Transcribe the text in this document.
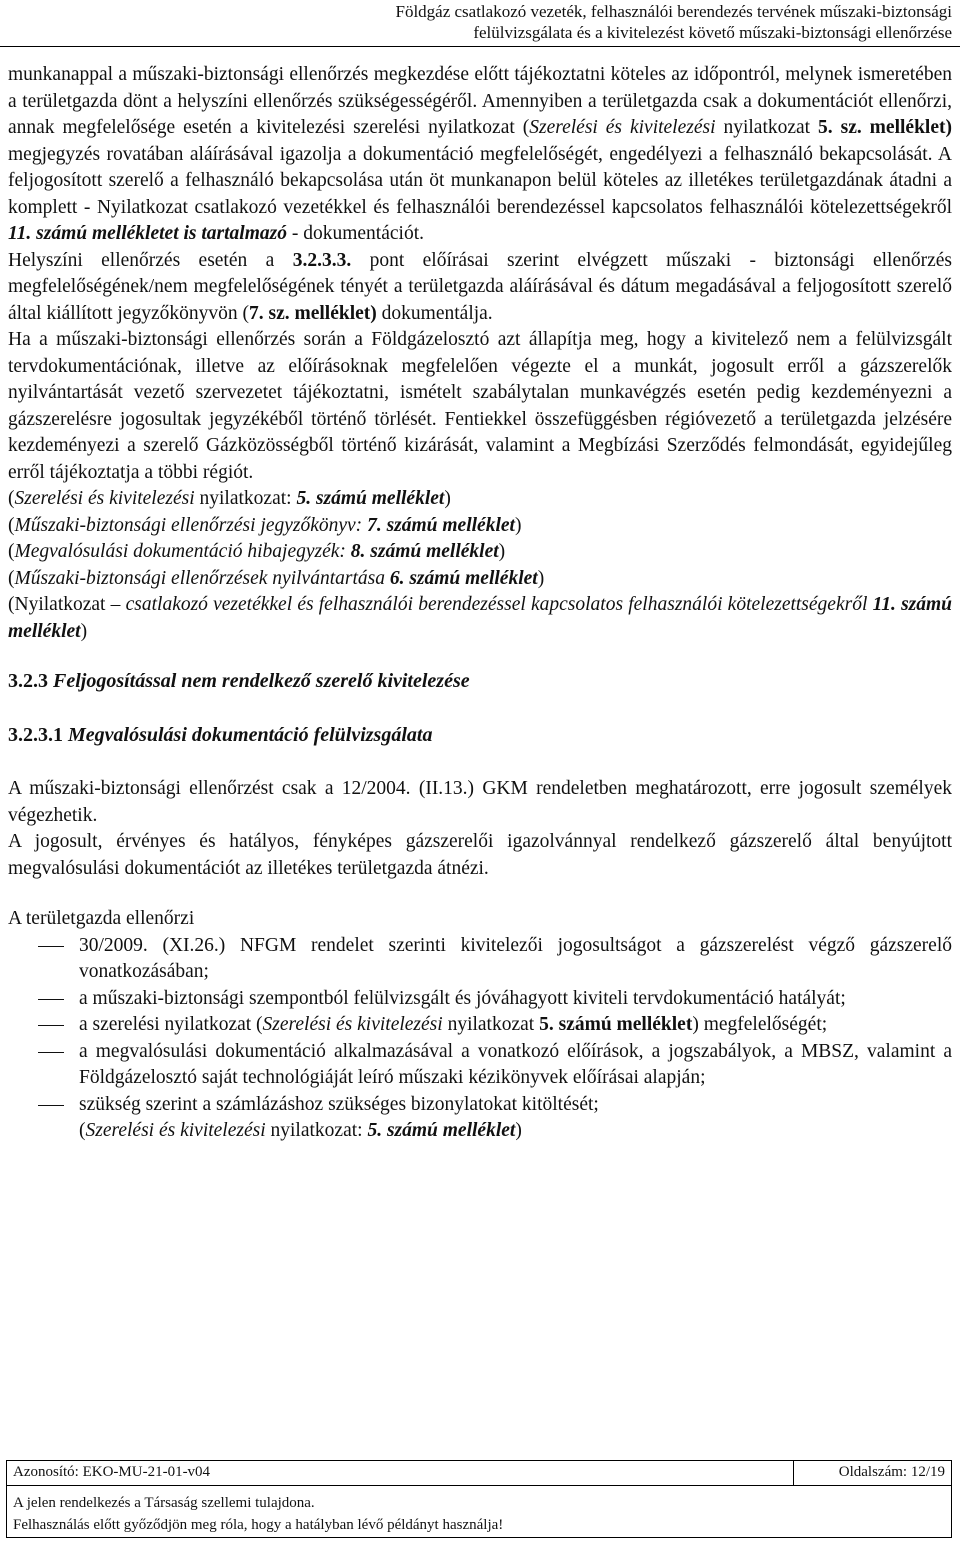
Földgáz csatlakozó vezeték, felhasználói berendezés tervének műszaki-biztonsági
felülvizsgálata és a kivitelezést követő műszaki-biztonsági ellenőrzése

munkanappal a műszaki-biztonsági ellenőrzés megkezdése előtt tájékoztatni köteles az időpontról, melynek ismeretében a területgazda dönt a helyszíni ellenőrzés szükségességéről. Amennyiben a területgazda csak a dokumentációt ellenőrzi, annak megfelelősége esetén a kivitelezési szerelési nyilatkozat (Szerelési és kivitelezési nyilatkozat 5. sz. melléklet) megjegyzés rovatában aláírásával igazolja a dokumentáció megfelelőségét, engedélyezi a felhasználó bekapcsolását. A feljogosított szerelő a felhasználó bekapcsolása után öt munkanapon belül köteles az illetékes területgazdának átadni a komplett - Nyilatkozat csatlakozó vezetékkel és felhasználói berendezéssel kapcsolatos felhasználói kötelezettségekről 11. számú mellékletet is tartalmazó - dokumentációt.

Helyszíni ellenőrzés esetén a 3.2.3.3. pont előírásai szerint elvégzett műszaki - biztonsági ellenőrzés megfelelőségének/nem megfelelőségének tényét a területgazda aláírásával és dátum megadásával a feljogosított szerelő által kiállított jegyzőkönyvön (7. sz. melléklet) dokumentálja.

Ha a műszaki-biztonsági ellenőrzés során a Földgázelosztó azt állapítja meg, hogy a kivitelező nem a felülvizsgált tervdokumentációnak, illetve az előírásoknak megfelelően végezte el a munkát, jogosult erről a gázszerelők nyilvántartását vezető szervezetet tájékoztatni, ismételt szabálytalan munkavégzés esetén pedig kezdeményezni a gázszerelésre jogosultak jegyzékéből történő törlését. Fentiekkel összefüggésben régióvezető a területgazda jelzésére kezdeményezi a szerelő Gázközösségből történő kizárását, valamint a Megbízási Szerződés felmondását, egyidejűleg erről tájékoztatja a többi régiót.

(Szerelési és kivitelezési nyilatkozat: 5. számú melléklet)

(Műszaki-biztonsági ellenőrzési jegyzőkönyv: 7. számú melléklet)

(Megvalósulási dokumentáció hibajegyzék: 8. számú melléklet)

(Műszaki-biztonsági ellenőrzések nyilvántartása 6. számú melléklet)

(Nyilatkozat – csatlakozó vezetékkel és felhasználói berendezéssel kapcsolatos felhasználói kötelezettségekről 11. számú melléklet)

3.2.3 Feljogosítással nem rendelkező szerelő kivitelezése

3.2.3.1 Megvalósulási dokumentáció felülvizsgálata

A műszaki-biztonsági ellenőrzést csak a 12/2004. (II.13.) GKM rendeletben meghatározott, erre jogosult személyek végezhetik.

A jogosult, érvényes és hatályos, fényképes gázszerelői igazolvánnyal rendelkező gázszerelő által benyújtott megvalósulási dokumentációt az illetékes területgazda átnézi.

A területgazda ellenőrzi

30/2009. (XI.26.) NFGM rendelet szerinti kivitelezői jogosultságot a gázszerelést végző gázszerelő vonatkozásában;
a műszaki-biztonsági szempontból felülvizsgált és jóváhagyott kiviteli tervdokumentáció hatályát;
a szerelési nyilatkozat (Szerelési és kivitelezési nyilatkozat 5. számú melléklet) megfelelőségét;
a megvalósulási dokumentáció alkalmazásával a vonatkozó előírások, a jogszabályok, a MBSZ, valamint a Földgázelosztó saját technológiáját leíró műszaki kézikönyvek előírásai alapján;
szükség szerint a számlázáshoz szükséges bizonylatokat kitöltését;
(Szerelési és kivitelezési nyilatkozat: 5. számú melléklet)
Azonosító: EKO-MU-21-01-v04	Oldalszám: 12/19
A jelen rendelkezés a Társaság szellemi tulajdona.
Felhasználás előtt győződjön meg róla, hogy a hatályban lévő példányt használja!
